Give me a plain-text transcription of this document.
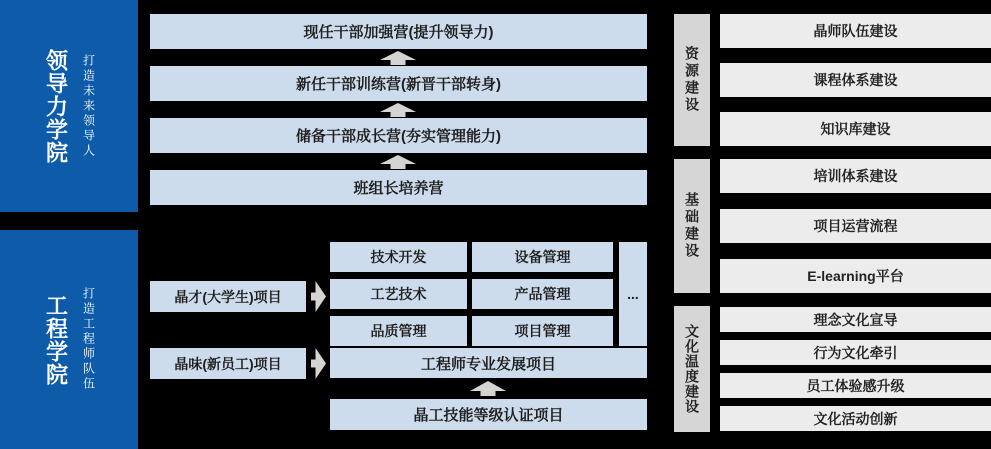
领导力学院 打造未来领导人
工程学院 打造工程师队伍
现任干部加强营(提升领导力)
新任干部训练营(新晋干部转身)
储备干部成长营(夯实管理能力)
班组长培养营
晶才(大学生)项目
晶味(新员工)项目
技术开发	设备管理
工艺技术	产品管理
品质管理	项目管理
...
工程师专业发展项目
晶工技能等级认证项目
资源建设
晶师队伍建设
课程体系建设
知识库建设
基础建设
培训体系建设
项目运营流程
E-learning平台
文化温度建设
理念文化宣导
行为文化牵引
员工体验感升级
文化活动创新
